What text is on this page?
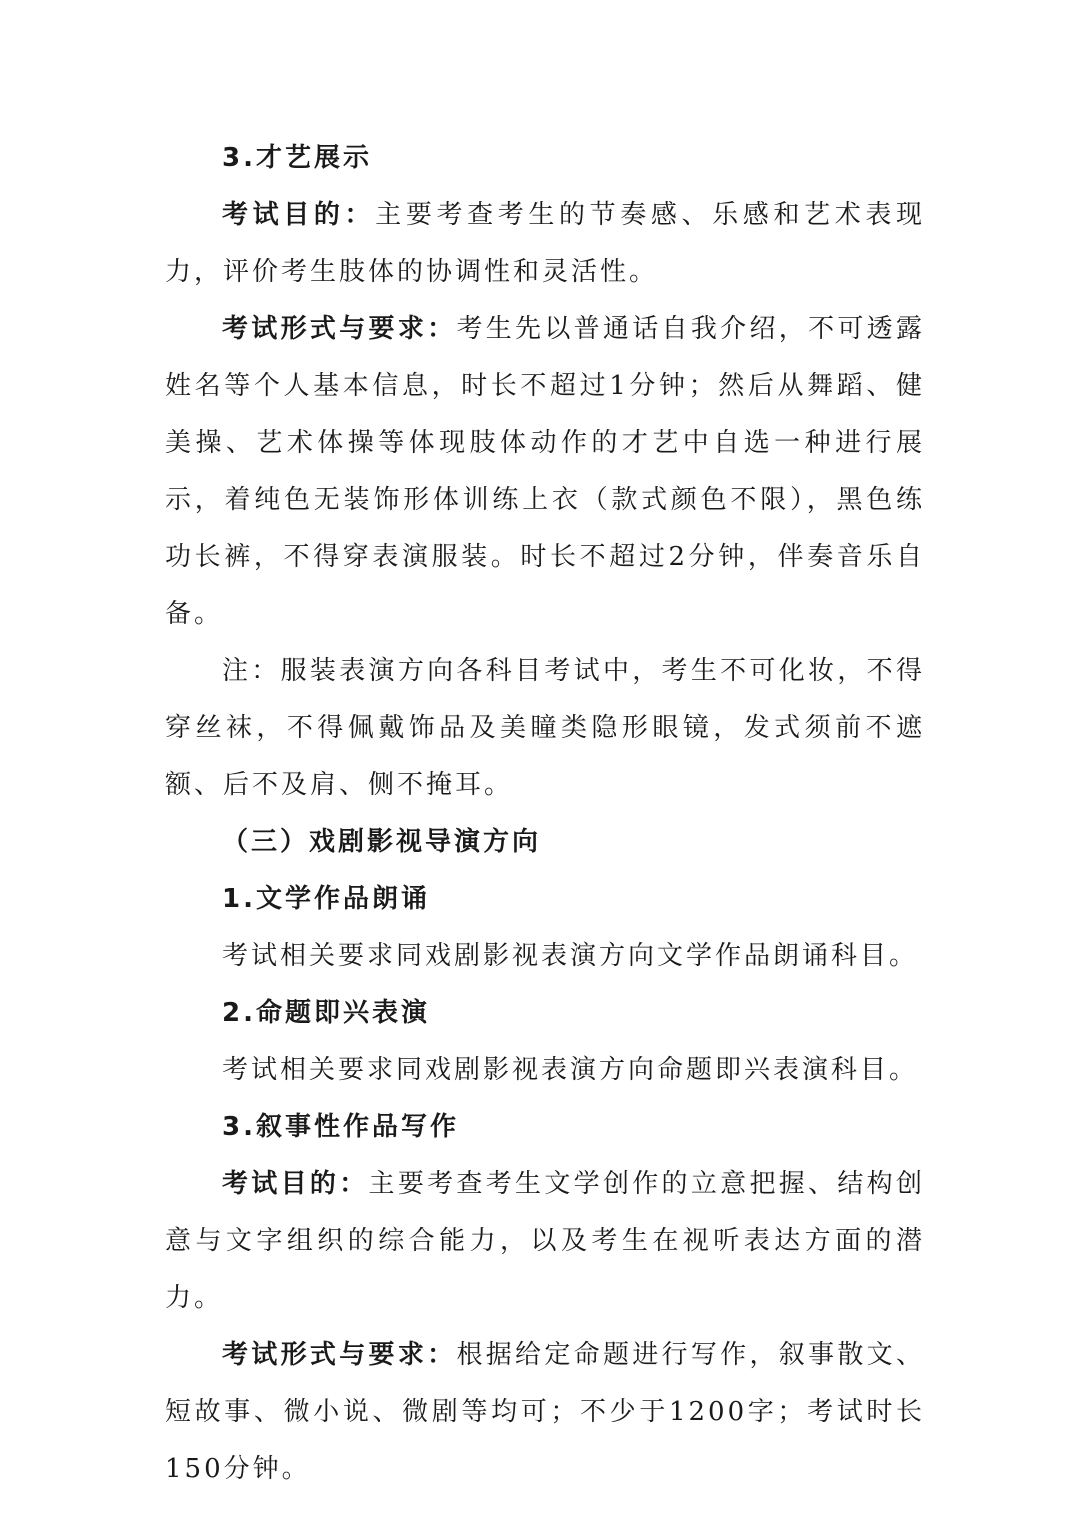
3.才艺展示

考试目的：主要考查考生的节奏感、乐感和艺术表现力，评价考生肢体的协调性和灵活性。

考试形式与要求：考生先以普通话自我介绍，不可透露姓名等个人基本信息，时长不超过1分钟；然后从舞蹈、健美操、艺术体操等体现肢体动作的才艺中自选一种进行展示，着纯色无装饰形体训练上衣（款式颜色不限），黑色练功长裤，不得穿表演服装。时长不超过2分钟，伴奏音乐自备。

注：服装表演方向各科目考试中，考生不可化妆，不得穿丝袜，不得佩戴饰品及美瞳类隐形眼镜，发式须前不遮额、后不及肩、侧不掩耳。

（三）戏剧影视导演方向

1.文学作品朗诵

考试相关要求同戏剧影视表演方向文学作品朗诵科目。

2.命题即兴表演

考试相关要求同戏剧影视表演方向命题即兴表演科目。

3.叙事性作品写作

考试目的：主要考查考生文学创作的立意把握、结构创意与文字组织的综合能力，以及考生在视听表达方面的潜力。

考试形式与要求：根据给定命题进行写作，叙事散文、短故事、微小说、微剧等均可；不少于1200字；考试时长150分钟。
